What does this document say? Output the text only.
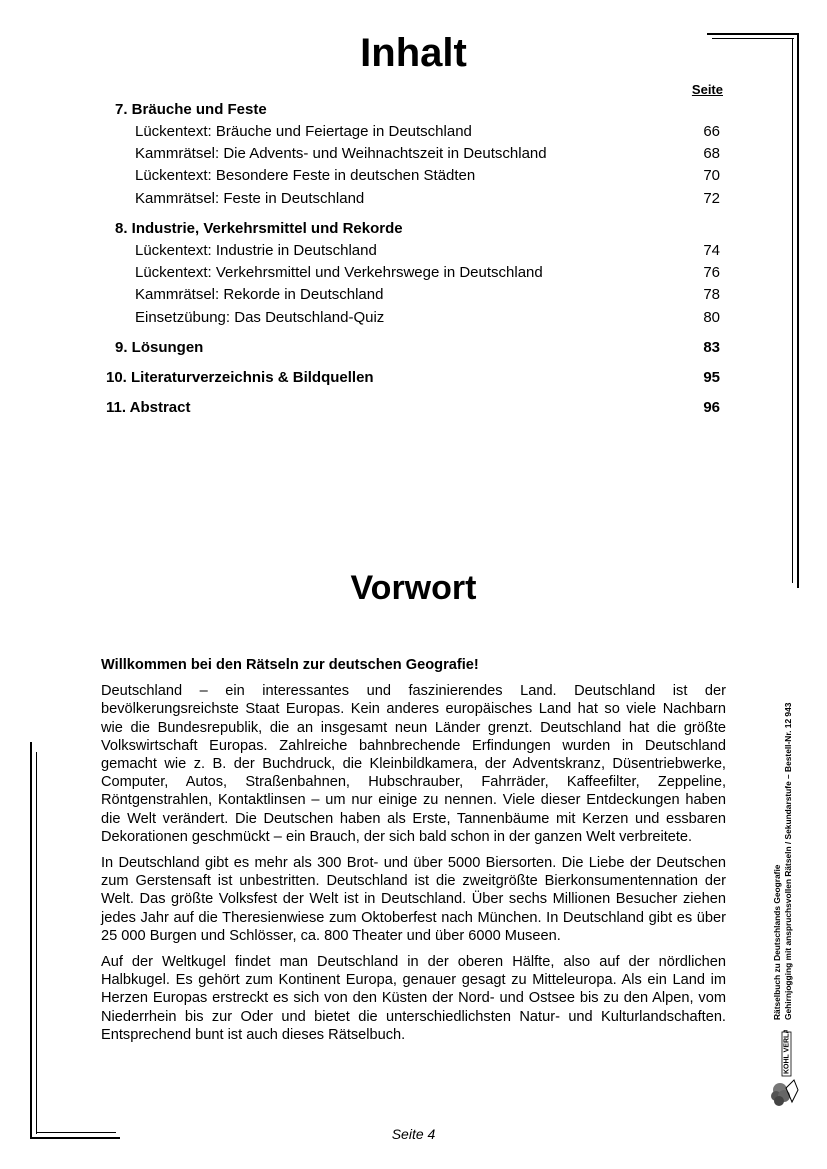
Inhalt
Seite
7. Bräuche und Feste
Lückentext: Bräuche und Feiertage in Deutschland	66
Kammrätsel: Die Advents- und Weihnachtszeit in Deutschland	68
Lückentext: Besondere Feste in deutschen Städten	70
Kammrätsel: Feste in Deutschland	72
8. Industrie, Verkehrsmittel und Rekorde
Lückentext: Industrie in Deutschland	74
Lückentext: Verkehrsmittel und Verkehrswege in Deutschland	76
Kammrätsel: Rekorde in Deutschland	78
Einsetzübung: Das Deutschland-Quiz	80
9. Lösungen	83
10. Literaturverzeichnis & Bildquellen	95
11. Abstract	96
Vorwort

Willkommen bei den Rätseln zur deutschen Geografie!

Deutschland – ein interessantes und faszinierendes Land. Deutschland ist der bevölkerungsreichste Staat Europas. Kein anderes europäisches Land hat so viele Nachbarn wie die Bundesrepublik, die an insgesamt neun Länder grenzt. Deutschland hat die größte Volkswirtschaft Europas. Zahlreiche bahnbrechende Erfindungen wurden in Deutschland gemacht wie z. B. der Buchdruck, die Kleinbildkamera, der Adventskranz, Düsentriebwerke, Computer, Autos, Straßenbahnen, Hubschrauber, Fahrräder, Kaffeefilter, Zeppeline, Röntgenstrahlen, Kontaktlinsen – um nur einige zu nennen. Viele dieser Entdeckungen haben die Welt verändert. Die Deutschen haben als Erste, Tannenbäume mit Kerzen und essbaren Dekorationen geschmückt – ein Brauch, der sich bald schon in der ganzen Welt verbreitete.

In Deutschland gibt es mehr als 300 Brot- und über 5000 Biersorten. Die Liebe der Deutschen zum Gerstensaft ist unbestritten. Deutschland ist die zweitgrößte Bierkonsumentennation der Welt. Das größte Volksfest der Welt ist in Deutschland. Über sechs Millionen Besucher ziehen jedes Jahr auf die Theresienwiese zum Oktoberfest nach München. In Deutschland gibt es über 25 000 Burgen und Schlösser, ca. 800 Theater und über 6000 Museen.

Auf der Weltkugel findet man Deutschland in der oberen Hälfte, also auf der nördlichen Halbkugel. Es gehört zum Kontinent Europa, genauer gesagt zu Mitteleuropa. Als ein Land im Herzen Europas erstreckt es sich von den Küsten der Nord- und Ostsee bis zu den Alpen, vom Niederrhein bis zur Oder und bietet die unterschiedlichsten Natur- und Kulturlandschaften. Entsprechend bunt ist auch dieses Rätselbuch.

Rätselbuch zu Deutschlands Geografie Gehirnjogging mit anspruchsvollen Rätseln / Sekundarstufe – Bestell-Nr. 12 943
KOHL VERLAG
Seite 4
